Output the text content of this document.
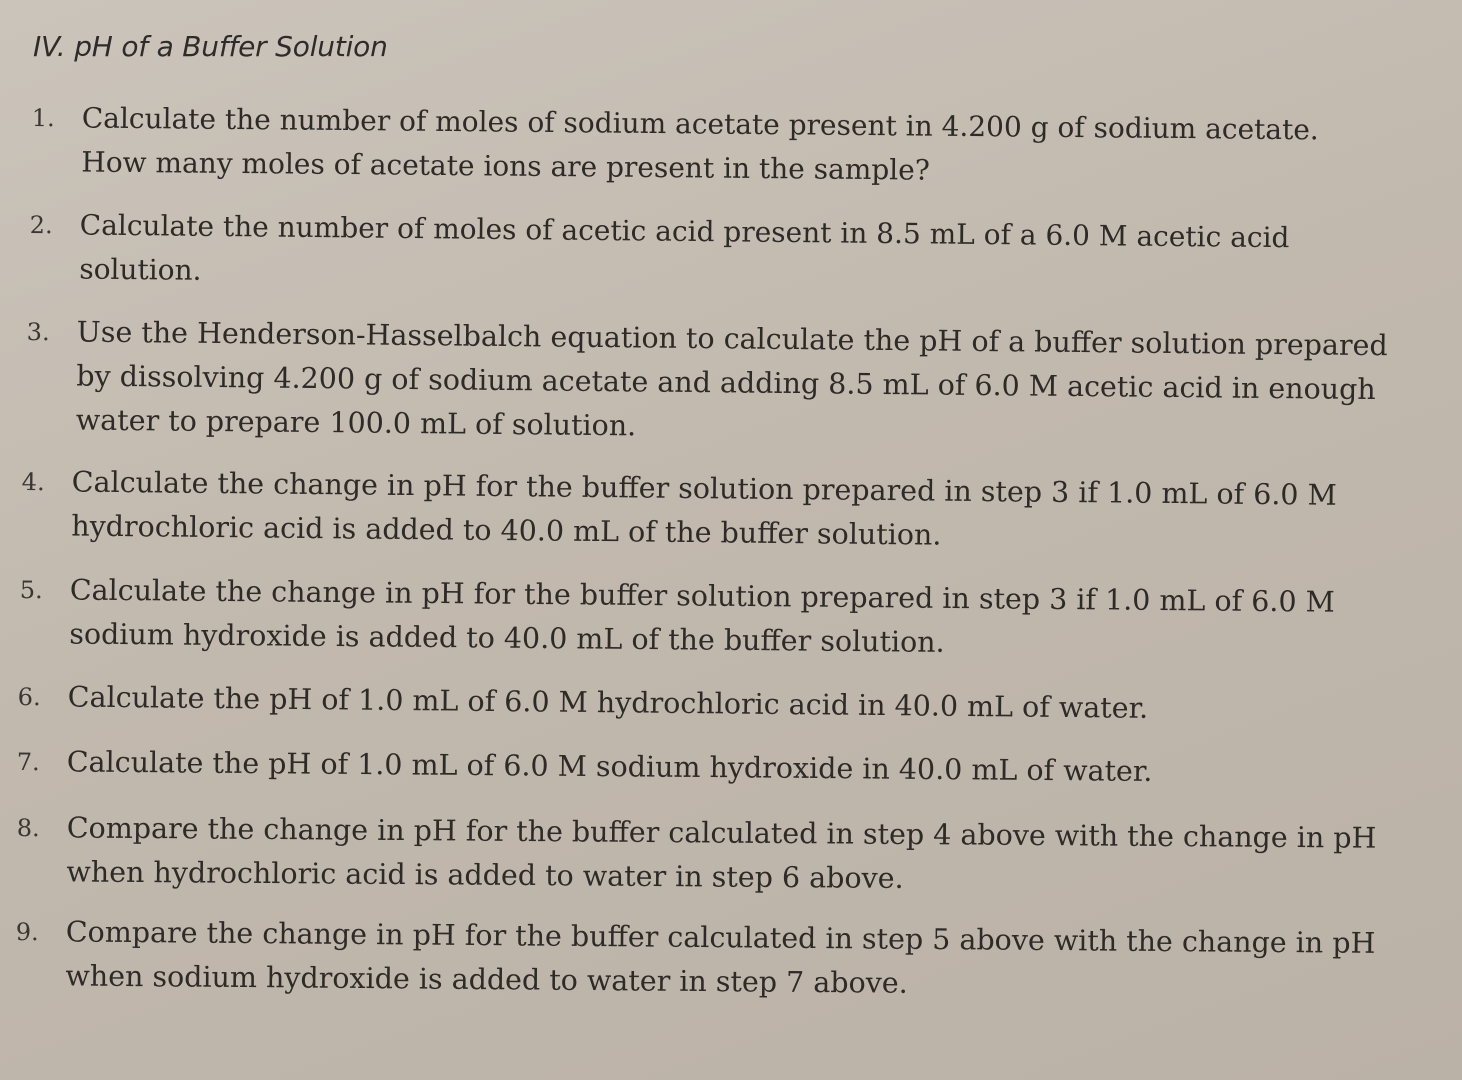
IV. pH of a Buffer Solution
1. Calculate the number of moles of sodium acetate present in 4.200 g of sodium acetate.
How many moles of acetate ions are present in the sample?
2. Calculate the number of moles of acetic acid present in 8.5 mL of a 6.0 M acetic acid
solution.
3. Use the Henderson-Hasselbalch equation to calculate the pH of a buffer solution prepared
by dissolving 4.200 g of sodium acetate and adding 8.5 mL of 6.0 M acetic acid in enough
water to prepare 100.0 mL of solution.
4. Calculate the change in pH for the buffer solution prepared in step 3 if 1.0 mL of 6.0 M
hydrochloric acid is added to 40.0 mL of the buffer solution.
5. Calculate the change in pH for the buffer solution prepared in step 3 if 1.0 mL of 6.0 M
sodium hydroxide is added to 40.0 mL of the buffer solution.
6. Calculate the pH of 1.0 mL of 6.0 M hydrochloric acid in 40.0 mL of water.
7. Calculate the pH of 1.0 mL of 6.0 M sodium hydroxide in 40.0 mL of water.
8. Compare the change in pH for the buffer calculated in step 4 above with the change in pH
when hydrochloric acid is added to water in step 6 above.
9. Compare the change in pH for the buffer calculated in step 5 above with the change in pH
when sodium hydroxide is added to water in step 7 above.
